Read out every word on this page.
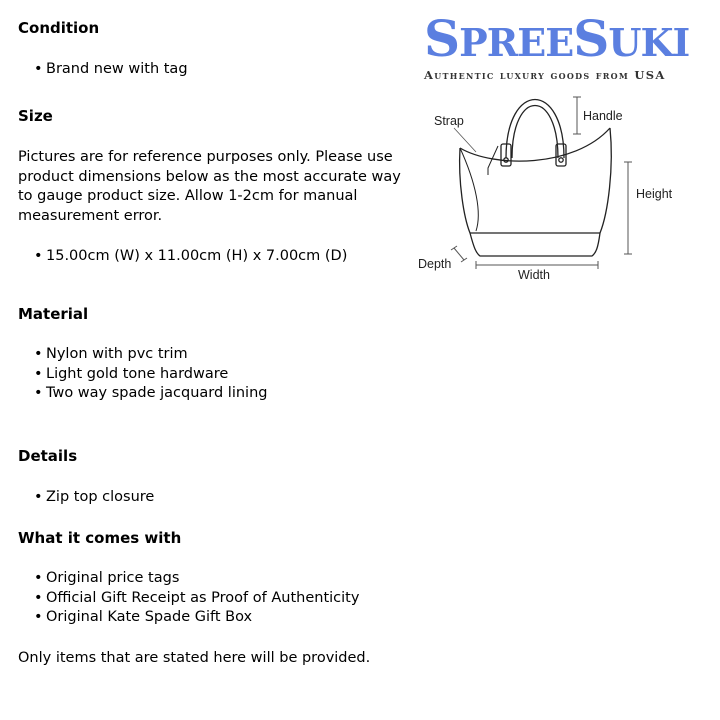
Condition
• Brand new with tag
Size

Pictures are for reference purposes only. Please use product dimensions below as the most accurate way to gauge product size. Allow 1-2cm for manual measurement error.

• 15.00cm (W) x 11.00cm (H) x 7.00cm (D)
Material
• Nylon with pvc trim
• Light gold tone hardware
• Two way spade jacquard lining
Details
• Zip top closure
What it comes with
• Original price tags
• Official Gift Receipt as Proof of Authenticity
• Original Kate Spade Gift Box

Only items that are stated here will be provided.

SPREESUKI
Authentic luxury goods from USA
Strap	Handle
Height
Depth
Width
